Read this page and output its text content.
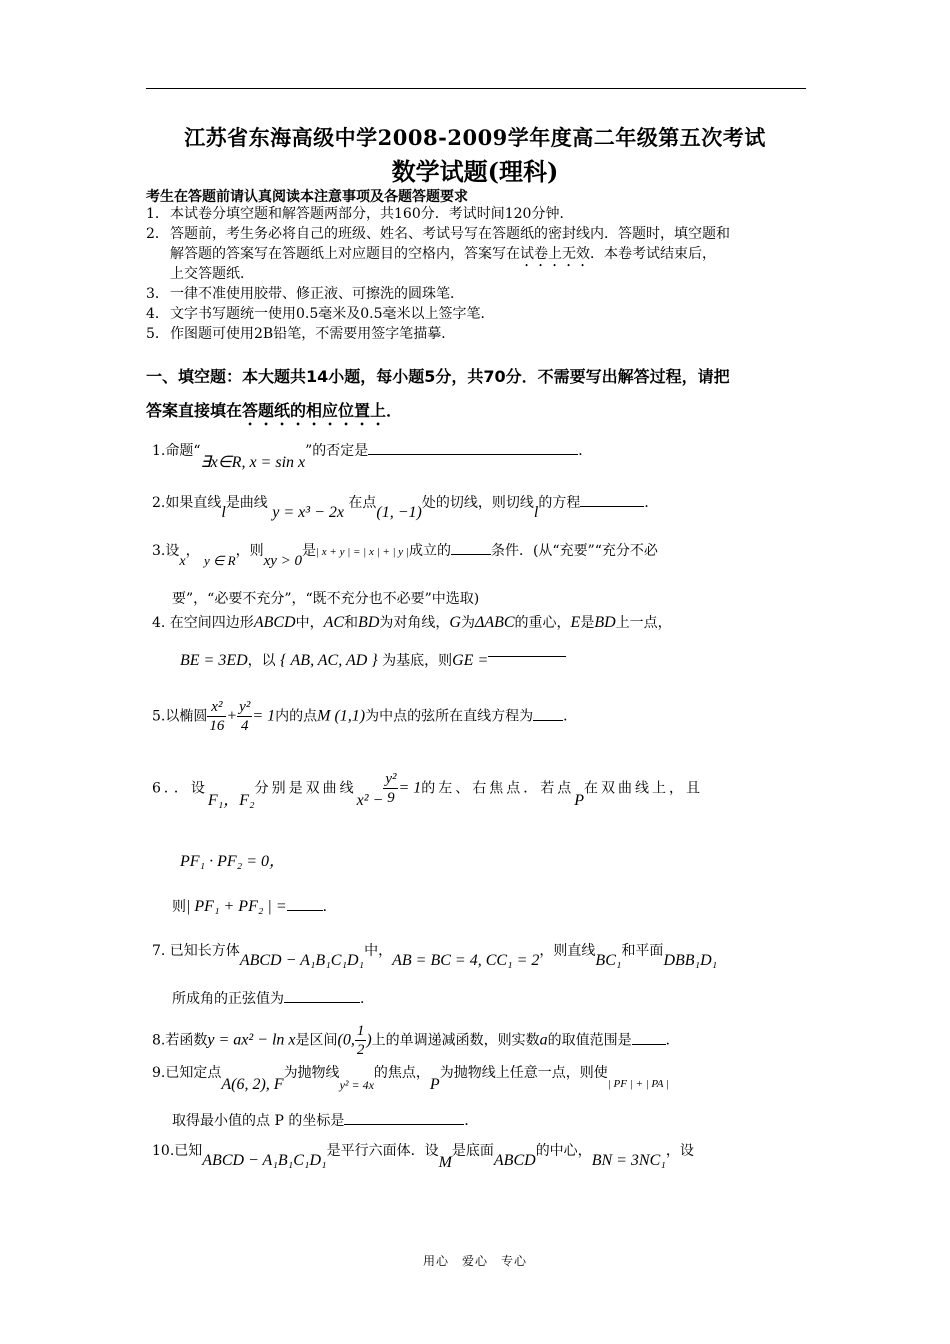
江苏省东海高级中学2008-2009学年度高二年级第五次考试
数学试题(理科)
考生在答题前请认真阅读本注意事项及各题答题要求
1．本试卷分填空题和解答题两部分，共160分．考试时间120分钟．
2．答题前，考生务必将自己的班级、姓名、考试号写在答题纸的密封线内．答题时，填空题和
解答题的答案写在答题纸上对应题目的空格内，答案写在试卷上无效．本卷考试结束后，
上交答题纸．
3．一律不准使用胶带、修正液、可擦洗的圆珠笔．
4．文字书写题统一使用0.5毫米及0.5毫米以上签字笔．
5．作图题可使用2B铅笔，不需要用签字笔描摹．
一、填空题：本大题共14小题，每小题5分，共70分．不需要写出解答过程，请把
答案直接填在答题纸的相应位置上．
1.命题“∃x∈R, x = sin x”的否定是	．
2.如果直线l是曲线 y = x³ − 2x 在点(1, −1)处的切线，则切线l的方程	．
3.设x， y ∈ R，则xy > 0是| x + y | = | x | + | y |成立的	条件．(从“充要”“充分不必
要”，“必要不充分”，“既不充分也不必要”中选取)
4. 在空间四边形ABCD中，AC和BD为对角线，G为ΔABC的重心，E是BD上一点，
BE = 3ED，以 { AB, AC, AD } 为基底，则GE =
5.以椭圆 $\frac{\text{x²}}{16} + \frac{\text{y²}}{4} = 1$内的点M (1,1)为中点的弦所在直线方程为 ．
6．．设F₁，F₂分别是双曲线$x^2 - \frac{\text{y²}}{9} = 1$的左、右焦点．若点P在双曲线上，且
PF₁ · PF₂ = 0，
则| PF₁ + PF₂ | =	．
7. 已知长方体ABCD − A₁B₁C₁D₁中，AB = BC = 4, CC₁ = 2，则直线BC₁和平面DBB₁D₁
所成角的正弦值为	．
8.若函数y = ax² − ln x是区间(0, $\frac{1}{2}$ )上的单调递减函数，则实数a的取值范围是 ．
9.已知定点A(6, 2), F为抛物线y² = 4x的焦点，P为抛物线上任意一点，则使$_{| PF | + | PA |}$
取得最小值的点 P 的坐标是	．
10.已知ABCD − A₁B₁C₁D₁是平行六面体．设M是底面ABCD的中心，BN = 3NC₁，设
用心　爱心　专心
